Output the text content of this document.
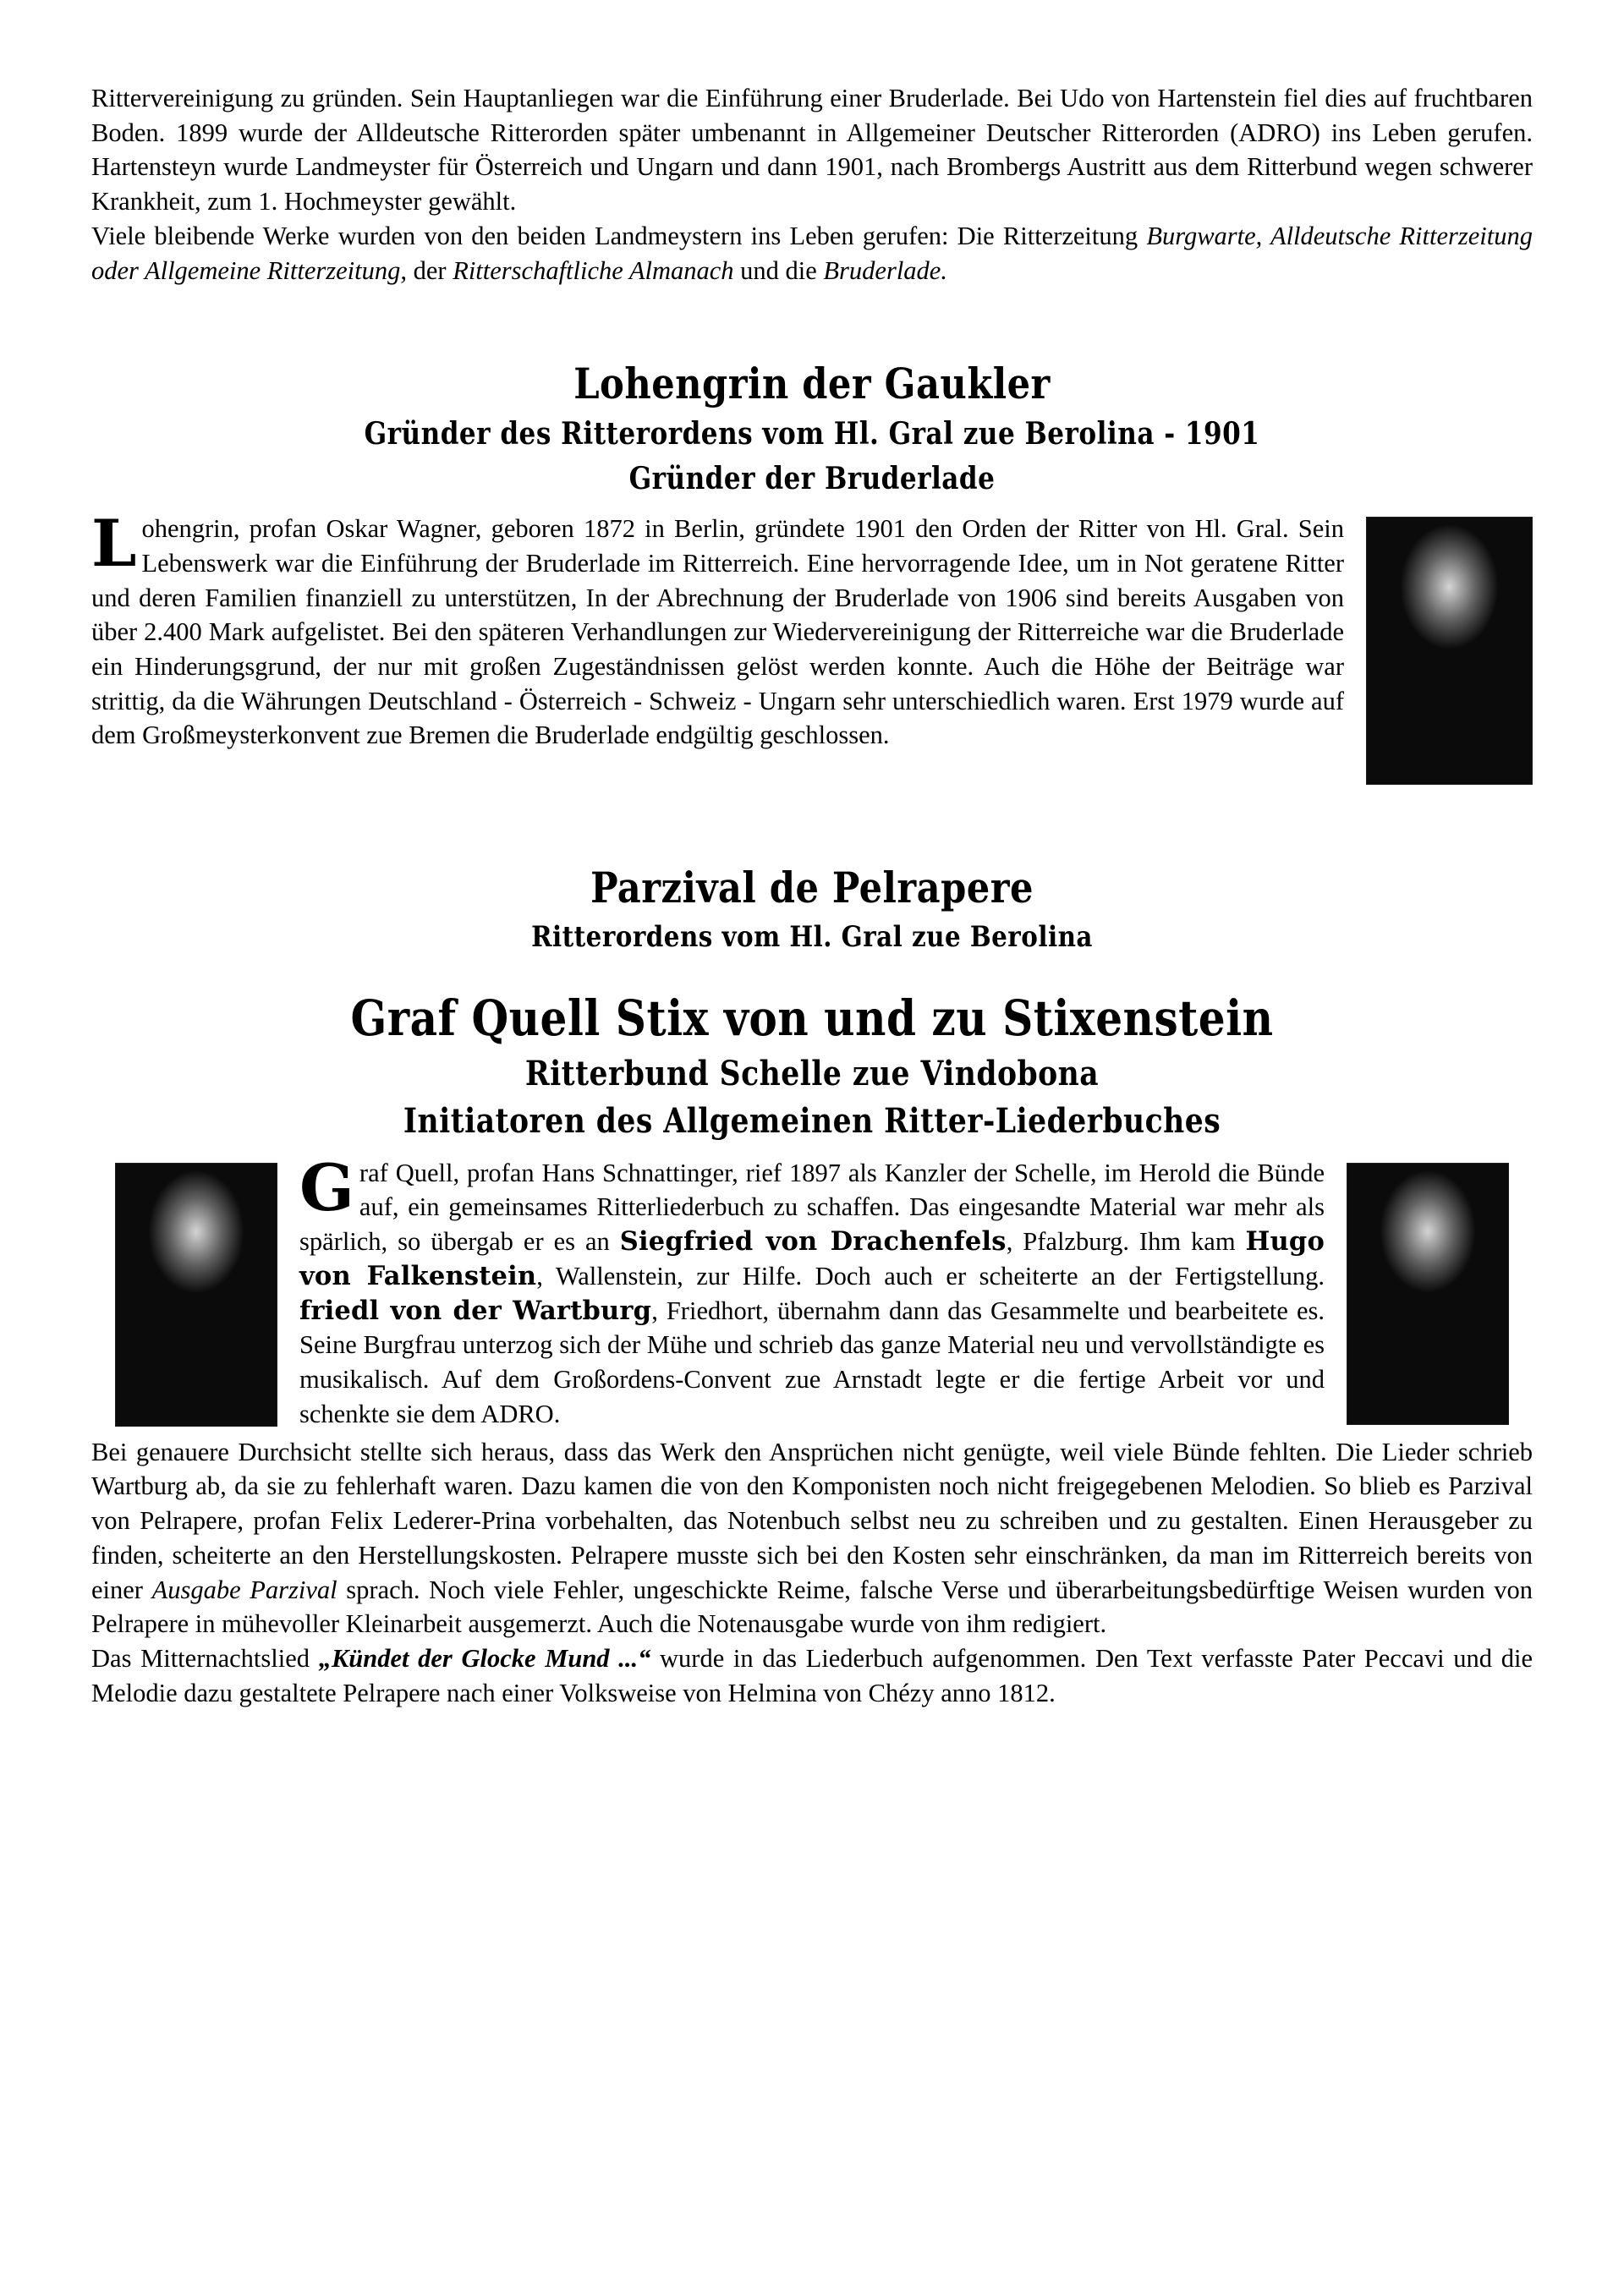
Rittervereinigung zu gründen. Sein Hauptanliegen war die Einführung einer Bruderlade. Bei Udo von Hartenstein fiel dies auf fruchtbaren Boden. 1899 wurde der Alldeutsche Ritterorden später umbenannt in Allgemeiner Deutscher Ritterorden (ADRO) ins Leben gerufen. Hartensteyn wurde Landmeyster für Österreich und Ungarn und dann 1901, nach Brombergs Austritt aus dem Ritterbund wegen schwerer Krankheit, zum 1. Hochmeyster gewählt.

Viele bleibende Werke wurden von den beiden Landmeystern ins Leben gerufen: Die Ritterzeitung Burgwarte, Alldeutsche Ritterzeitung oder Allgemeine Ritterzeitung, der Ritterschaftliche Almanach und die Bruderlade.

Lohengrin der Gaukler
Gründer des Ritterordens vom Hl. Gral zue Berolina - 1901
Gründer der Bruderlade
Lohengrin, profan Oskar Wagner, geboren 1872 in Berlin, gründete 1901 den Orden der Ritter von Hl. Gral. Sein Lebenswerk war die Einführung der Bruderlade im Ritterreich. Eine hervorragende Idee, um in Not geratene Ritter und deren Familien finanziell zu unterstützen, In der Abrechnung der Bruderlade von 1906 sind bereits Ausgaben von über 2.400 Mark aufgelistet. Bei den späteren Verhandlungen zur Wiedervereinigung der Ritterreiche war die Bruderlade ein Hinderungsgrund, der nur mit großen Zugeständnissen gelöst werden konnte. Auch die Höhe der Beiträge war strittig, da die Währungen Deutschland - Österreich - Schweiz - Ungarn sehr unterschiedlich waren. Erst 1979 wurde auf dem Großmeysterkonvent zue Bremen die Bruderlade endgültig geschlossen.
Parzival de Pelrapere
Ritterordens vom Hl. Gral zue Berolina
Graf Quell Stix von und zu Stixenstein
Ritterbund Schelle zue Vindobona
Initiatoren des Allgemeinen Ritter-Liederbuches
Graf Quell, profan Hans Schnattinger, rief 1897 als Kanzler der Schelle, im Herold die Bünde auf, ein gemeinsames Ritterliederbuch zu schaffen. Das eingesandte Material war mehr als spärlich, so übergab er es an Siegfried von Drachenfels, Pfalzburg. Ihm kam Hugo von Falkenstein, Wallenstein, zur Hilfe. Doch auch er scheiterte an der Fertigstellung. friedl von der Wartburg, Friedhort, übernahm dann das Gesammelte und bearbeitete es. Seine Burgfrau unterzog sich der Mühe und schrieb das ganze Material neu und vervollständigte es musikalisch. Auf dem Großordens-Convent zue Arnstadt legte er die fertige Arbeit vor und schenkte sie dem ADRO.

Bei genauere Durchsicht stellte sich heraus, dass das Werk den Ansprüchen nicht genügte, weil viele Bünde fehlten. Die Lieder schrieb Wartburg ab, da sie zu fehlerhaft waren. Dazu kamen die von den Komponisten noch nicht freigegebenen Melodien. So blieb es Parzival von Pelrapere, profan Felix Lederer-Prina vorbehalten, das Notenbuch selbst neu zu schreiben und zu gestalten. Einen Herausgeber zu finden, scheiterte an den Herstellungskosten. Pelrapere musste sich bei den Kosten sehr einschränken, da man im Ritterreich bereits von einer Ausgabe Parzival sprach. Noch viele Fehler, ungeschickte Reime, falsche Verse und überarbeitungsbedürftige Weisen wurden von Pelrapere in mühevoller Kleinarbeit ausgemerzt. Auch die Notenausgabe wurde von ihm redigiert.

Das Mitternachtslied „Kündet der Glocke Mund ...“ wurde in das Liederbuch aufgenommen. Den Text verfasste Pater Peccavi und die Melodie dazu gestaltete Pelrapere nach einer Volksweise von Helmina von Chézy anno 1812.
